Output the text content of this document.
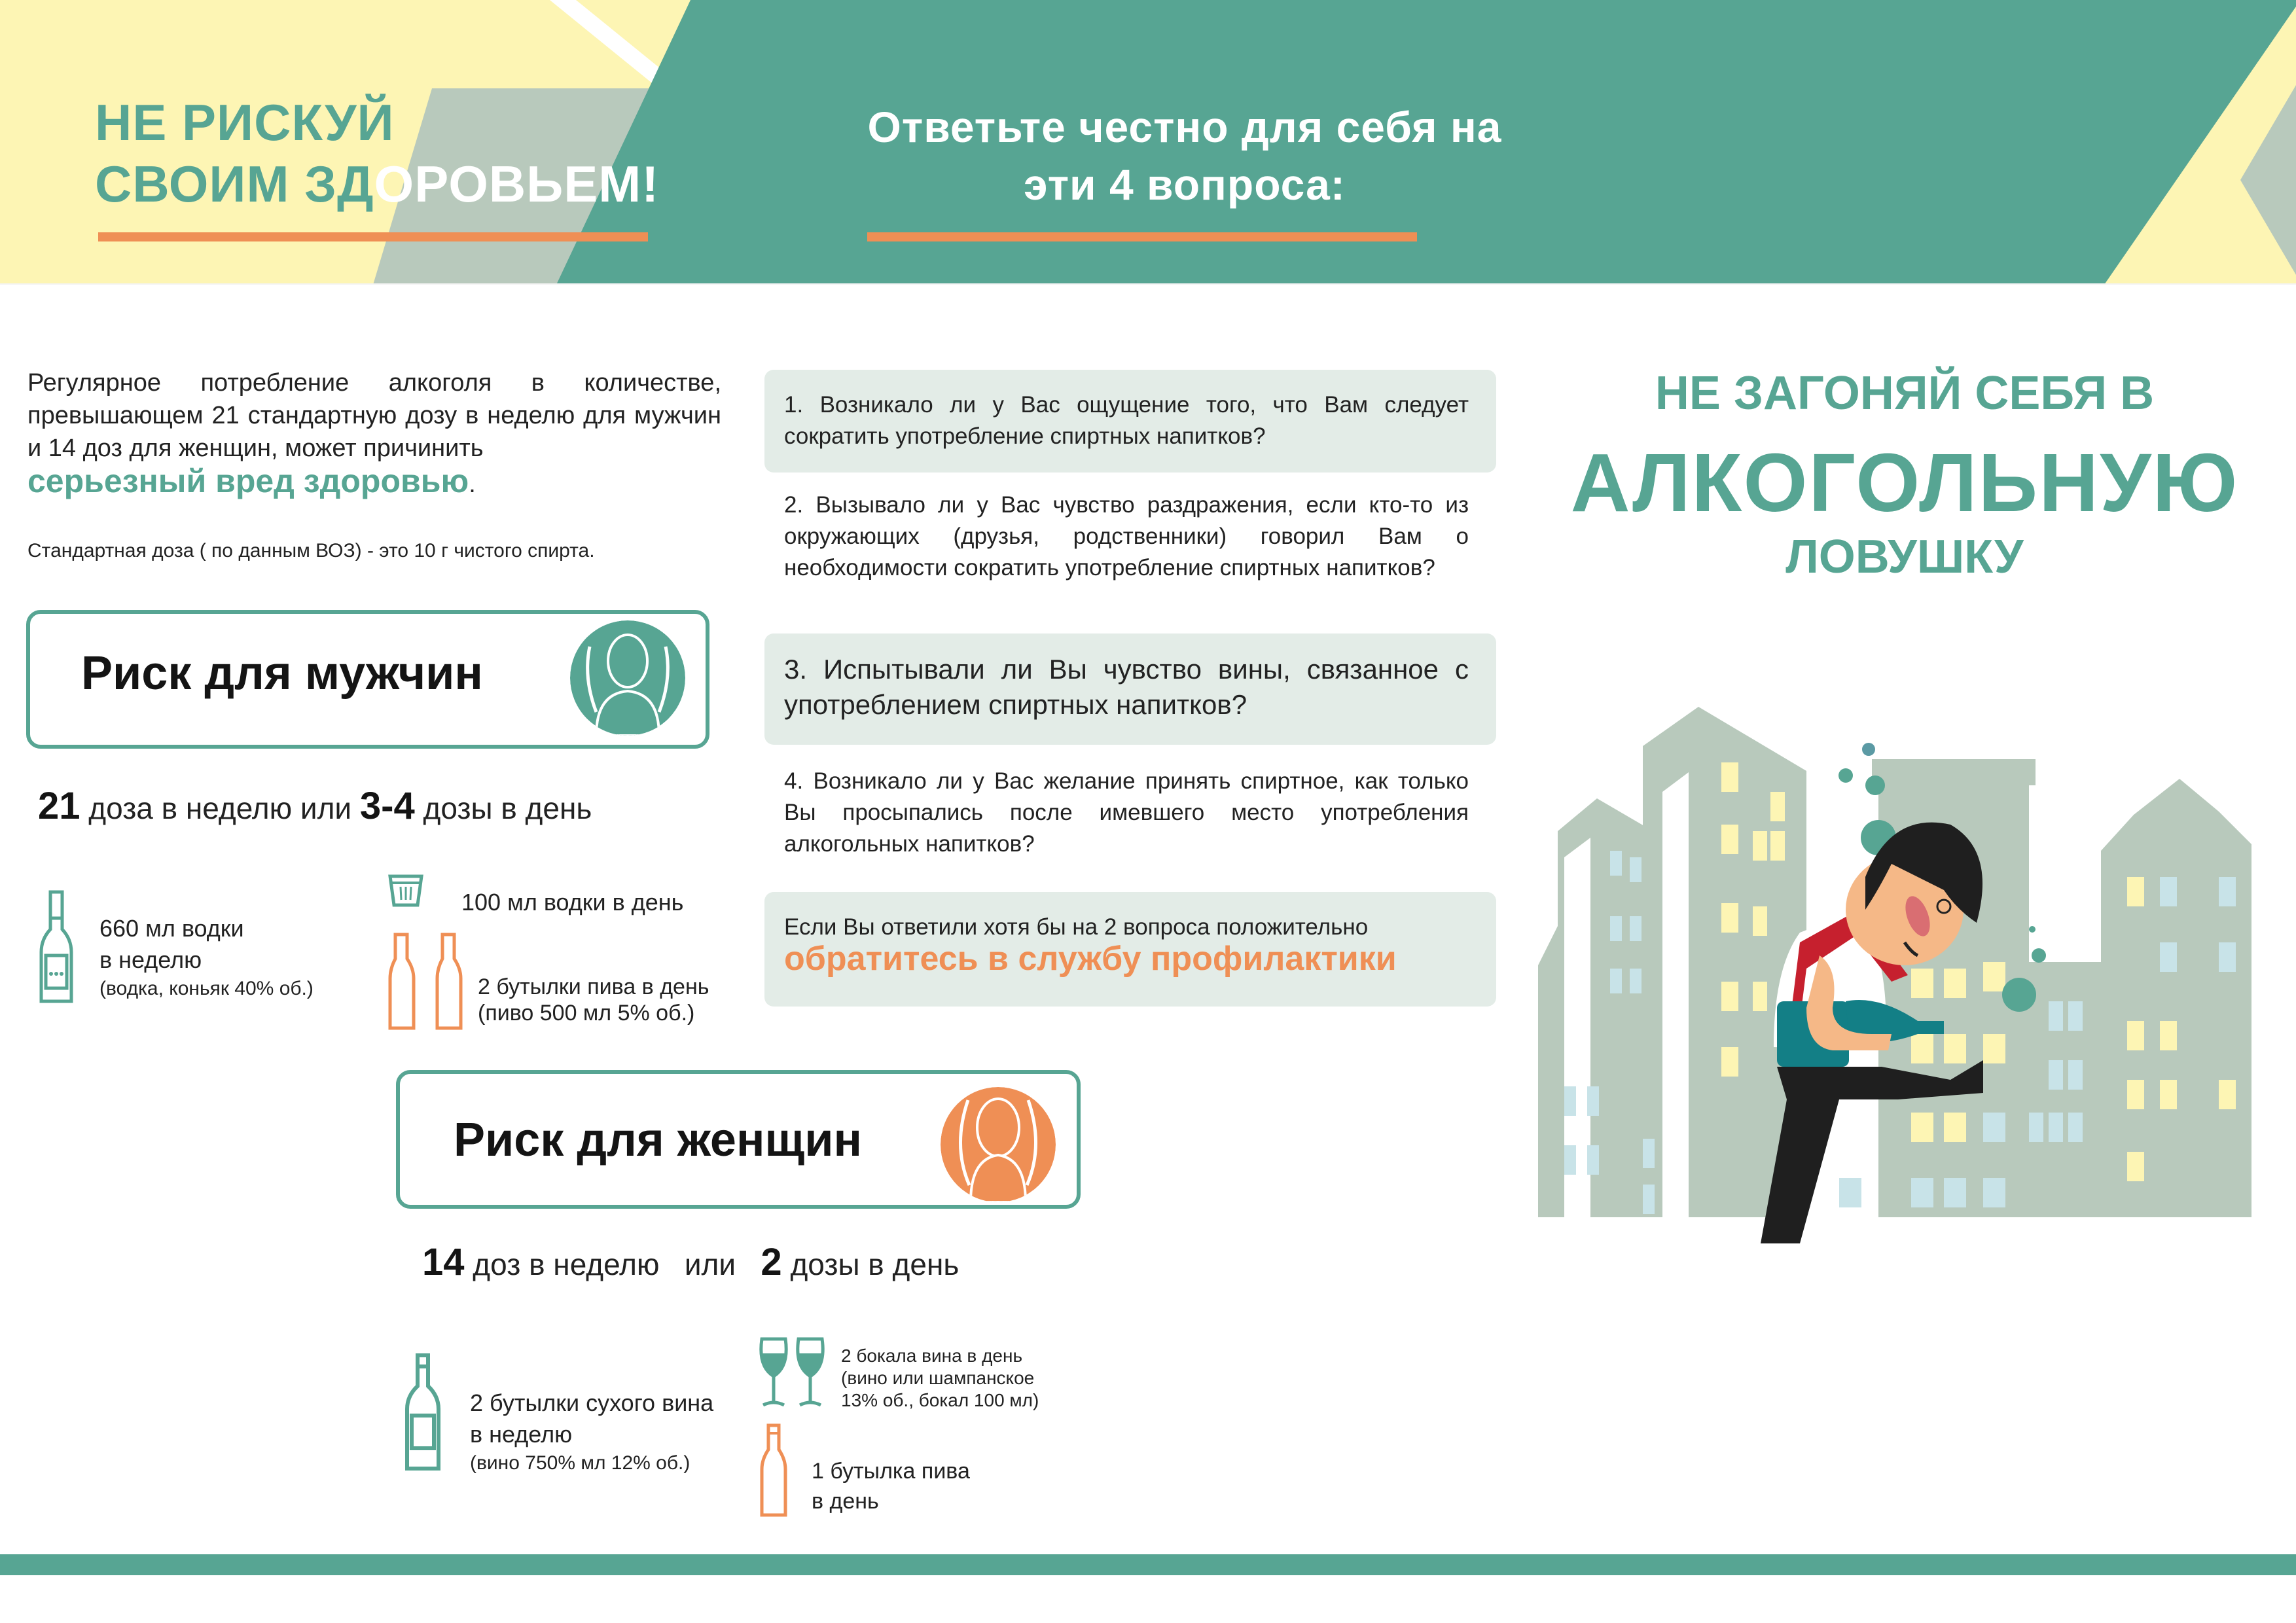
НЕ РИСКУЙ
СВОИМ ЗДОРОВЬЕМ!
Ответьте честно для себя на
эти 4 вопроса:
Регулярное потребление алкоголя в количестве, превышающем 21 стандартную дозу в неделю для мужчин и 14 доз для женщин, может причинить
серьезный вред здоровью.
Стандартная доза ( по данным ВОЗ) - это 10 г чистого спирта.
Риск для мужчин
21 доза в неделю или 3-4 дозы в день
660 мл водки
в неделю
(водка, коньяк 40% об.)
100 мл водки в день
2 бутылки пива в день
(пиво 500 мл 5% об.)
Риск для женщин
14 доз в неделю   или   2 дозы в день
2 бутылки сухого вина
в неделю
(вино 750% мл 12% об.)
2 бокала вина в день
(вино или шампанское
13% об., бокал 100 мл)
1 бутылка пива
в день
1. Возникало ли у Вас ощущение того, что Вам следует сократить употребление спиртных напитков?
2. Вызывало ли у Вас чувство раздражения, если кто-то из окружающих (друзья, родственники) говорил Вам о необходимости сократить употребление спиртных напитков?
3. Испытывали ли Вы чувство вины, связанное с употреблением спиртных напитков?
4. Возникало ли у Вас желание принять спиртное, как только Вы просыпались после имевшего место употребления алкогольных напитков?
Если Вы ответили хотя бы на 2 вопроса положительно
обратитесь в службу профилактики
НЕ ЗАГОНЯЙ СЕБЯ В
АЛКОГОЛЬНУЮ
ЛОВУШКУ
